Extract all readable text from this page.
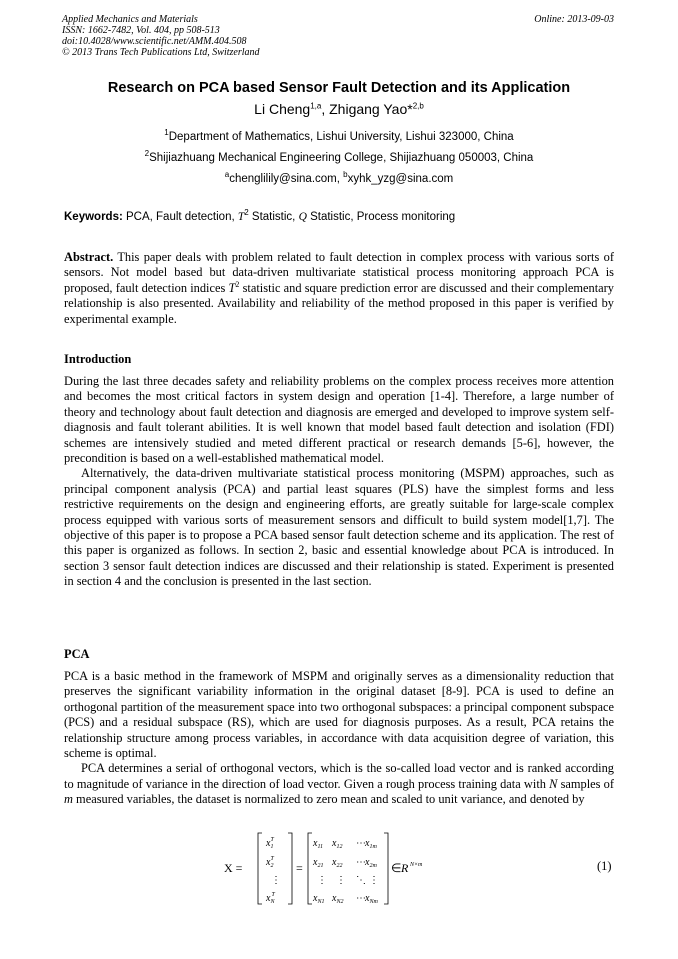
Applied Mechanics and Materials
ISSN: 1662-7482, Vol. 404, pp 508-513
doi:10.4028/www.scientific.net/AMM.404.508
© 2013 Trans Tech Publications Ltd, Switzerland
Online: 2013-09-03
Research on PCA based Sensor Fault Detection and its Application
Li Cheng$^{1,a}$, Zhigang Yao*$^{2,b}$
$^1$Department of Mathematics, Lishui University, Lishui 323000, China
$^2$Shijiazhuang Mechanical Engineering College, Shijiazhuang 050003, China
$^a$chenglilily@sina.com, $^b$xyhk_yzg@sina.com
Keywords: PCA, Fault detection, $T^2$ Statistic, Q Statistic, Process monitoring

Abstract. This paper deals with problem related to fault detection in complex process with various sorts of sensors. Not model based but data-driven multivariate statistical process monitoring approach PCA is proposed, fault detection indices $T^2$ statistic and square prediction error are discussed and their complementary relationship is also presented. Availability and reliability of the method proposed in this paper is verified by experimental example.

Introduction

During the last three decades safety and reliability problems on the complex process receives more attention and becomes the most critical factors in system design and operation [1-4]. Therefore, a large number of theory and technology about fault detection and diagnosis are emerged and developed to improve system self-diagnosis and fault tolerant abilities. It is well known that model based fault detection and isolation (FDI) schemes are intensively studied and meted different practical or research demands [5-6], however, the precondition is based on a well-established mathematical model.

Alternatively, the data-driven multivariate statistical process monitoring (MSPM) approaches, such as principal component analysis (PCA) and partial least squares (PLS) have the simplest forms and less restrictive requirements on the design and engineering efforts, are greatly suitable for large-scale complex process equipped with various sorts of measurement sensors and difficult to build system model[1,7]. The objective of this paper is to propose a PCA based sensor fault detection scheme and its application. The rest of this paper is organized as follows. In section 2, basic and essential knowledge about PCA is introduced. In section 3 sensor fault detection indices are discussed and their relationship is stated. Experiment is presented in section 4 and the conclusion is presented in the last section.

PCA

PCA is a basic method in the framework of MSPM and originally serves as a dimensionality reduction that preserves the significant variability information in the original dataset [8-9]. PCA is used to define an orthogonal partition of the measurement space into two orthogonal subspaces: a principal component subspace (PCS) and a residual subspace (RS), which are used for diagnosis purposes. As a result, PCA retains the relationship structure among process variables, in accordance with data acquisition degree of variation, this scheme is optimal.

PCA determines a serial of orthogonal vectors, which is the so-called load vector and is ranked according to magnitude of variance in the direction of load vector. Given a rough process training data with N samples of m measured variables, the dataset is normalized to zero mean and scaled to unit variance, and denoted by

X =
$x_1T$
$x_2T$
⋮
$x_NT$
=
$x_{11}$ $x_{12}$ ⋯ $x_{1m}$
$x_{21}$ $x_{22}$ ⋯ $x_{2m}$
⋮ ⋮ ⋱ ⋮
$x_{N1}$ $x_{N2}$ ⋯ $x_{Nm}$
∈ R N×m	(1)
